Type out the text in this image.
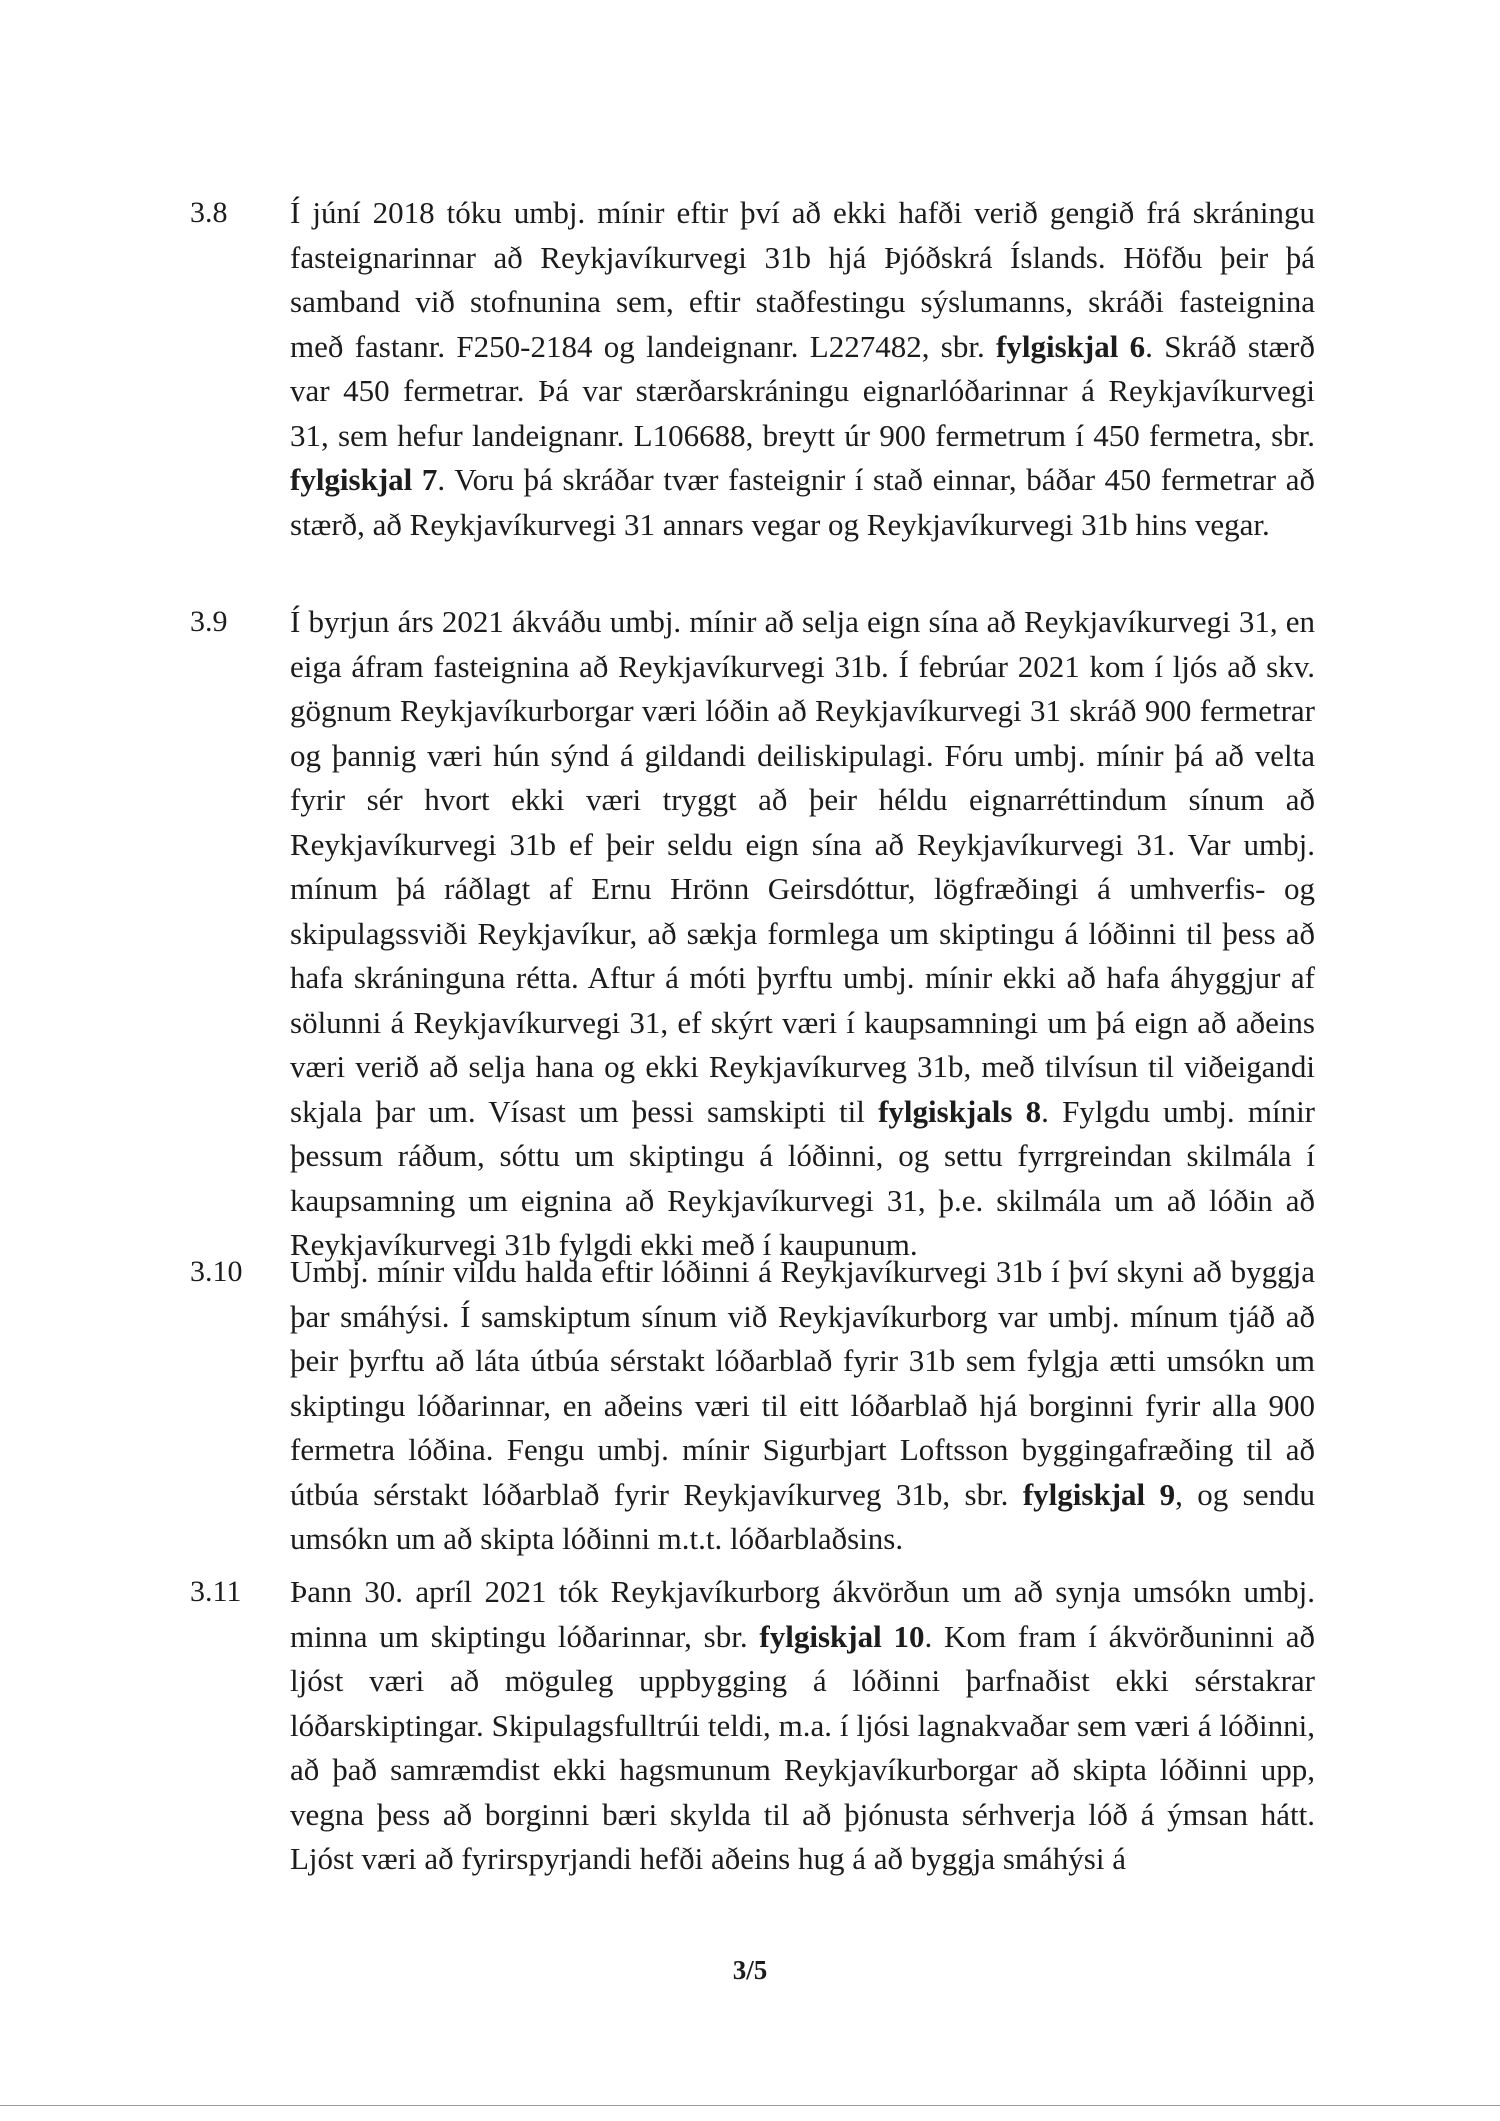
3.8 Í júní 2018 tóku umbj. mínir eftir því að ekki hafði verið gengið frá skráningu fasteignarinnar að Reykjavíkurvegi 31b hjá Þjóðskrá Íslands. Höfðu þeir þá samband við stofnunina sem, eftir staðfestingu sýslumanns, skráði fasteignina með fastanr. F250-2184 og landeignanr. L227482, sbr. fylgiskjal 6. Skráð stærð var 450 fermetrar. Þá var stærðarskráningu eignarlóðarinnar á Reykjavíkurvegi 31, sem hefur landeignanr. L106688, breytt úr 900 fermetrum í 450 fermetra, sbr. fylgiskjal 7. Voru þá skráðar tvær fasteignir í stað einnar, báðar 450 fermetrar að stærð, að Reykjavíkurvegi 31 annars vegar og Reykjavíkurvegi 31b hins vegar.

3.9 Í byrjun árs 2021 ákváðu umbj. mínir að selja eign sína að Reykjavíkurvegi 31, en eiga áfram fasteignina að Reykjavíkurvegi 31b. Í febrúar 2021 kom í ljós að skv. gögnum Reykjavíkurborgar væri lóðin að Reykjavíkurvegi 31 skráð 900 fermetrar og þannig væri hún sýnd á gildandi deiliskipulagi. Fóru umbj. mínir þá að velta fyrir sér hvort ekki væri tryggt að þeir héldu eignarréttindum sínum að Reykjavíkurvegi 31b ef þeir seldu eign sína að Reykjavíkurvegi 31. Var umbj. mínum þá ráðlagt af Ernu Hrönn Geirsdóttur, lögfræðingi á umhverfis- og skipulagssviði Reykjavíkur, að sækja formlega um skiptingu á lóðinni til þess að hafa skráninguna rétta. Aftur á móti þyrftu umbj. mínir ekki að hafa áhyggjur af sölunni á Reykjavíkurvegi 31, ef skýrt væri í kaupsamningi um þá eign að aðeins væri verið að selja hana og ekki Reykjavíkurveg 31b, með tilvísun til viðeigandi skjala þar um. Vísast um þessi samskipti til fylgiskjals 8. Fylgdu umbj. mínir þessum ráðum, sóttu um skiptingu á lóðinni, og settu fyrrgreindan skilmála í kaupsamning um eignina að Reykjavíkurvegi 31, þ.e. skilmála um að lóðin að Reykjavíkurvegi 31b fylgdi ekki með í kaupunum.

3.10 Umbj. mínir vildu halda eftir lóðinni á Reykjavíkurvegi 31b í því skyni að byggja þar smáhýsi. Í samskiptum sínum við Reykjavíkurborg var umbj. mínum tjáð að þeir þyrftu að láta útbúa sérstakt lóðarblað fyrir 31b sem fylgja ætti umsókn um skiptingu lóðarinnar, en aðeins væri til eitt lóðarblað hjá borginni fyrir alla 900 fermetra lóðina. Fengu umbj. mínir Sigurbjart Loftsson byggingafræðing til að útbúa sérstakt lóðarblað fyrir Reykjavíkurveg 31b, sbr. fylgiskjal 9, og sendu umsókn um að skipta lóðinni m.t.t. lóðarblaðsins.

3.11 Þann 30. apríl 2021 tók Reykjavíkurborg ákvörðun um að synja umsókn umbj. minna um skiptingu lóðarinnar, sbr. fylgiskjal 10. Kom fram í ákvörðuninni að ljóst væri að möguleg uppbygging á lóðinni þarfnaðist ekki sérstakrar lóðarskiptingar. Skipulagsfulltrúi teldi, m.a. í ljósi lagnakvaðar sem væri á lóðinni, að það samræmdist ekki hagsmunum Reykjavíkurborgar að skipta lóðinni upp, vegna þess að borginni bæri skylda til að þjónusta sérhverja lóð á ýmsan hátt. Ljóst væri að fyrirspyrjandi hefði aðeins hug á að byggja smáhýsi á

3/5
